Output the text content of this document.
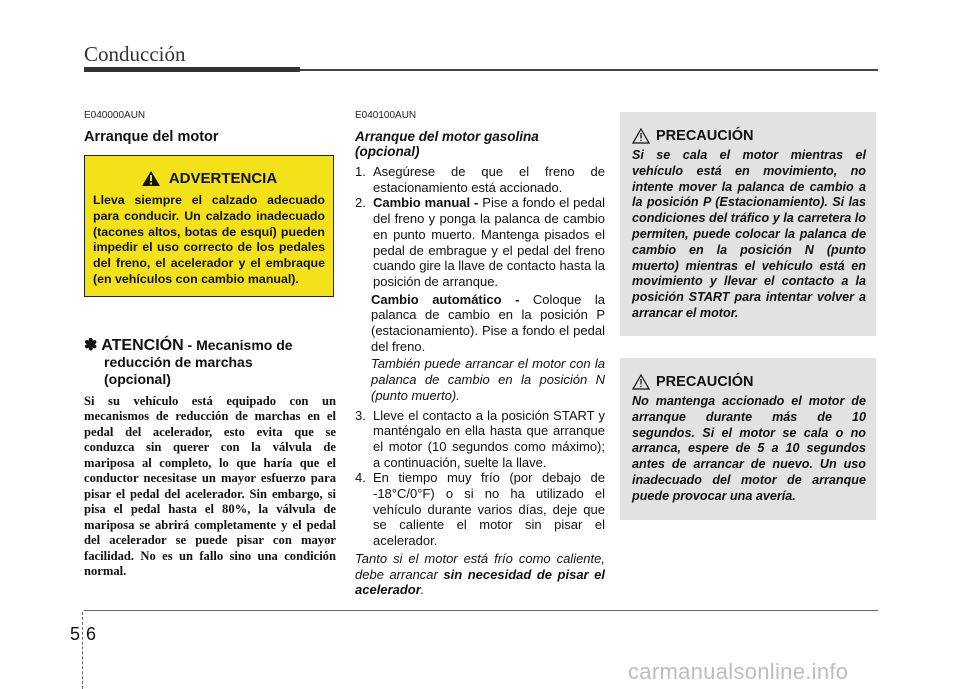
Conducción
E040000AUN
Arranque del motor
ADVERTENCIA
Lleva siempre el calzado adecuado para conducir. Un calzado inadecuado (tacones altos, botas de esquí) pueden impedir el uso correcto de los pedales del freno, el acelerador y el embraque (en vehículos con cambio manual).
✽ ATENCIÓN - Mecanismo de
reducción de marchas
(opcional)
Si su vehículo está equipado con un mecanismos de reducción de marchas en el pedal del acelerador, esto evita que se conduzca sin querer con la válvula de mariposa al completo, lo que haría que el conductor necesitase un mayor esfuerzo para pisar el pedal del acelerador. Sin embargo, si pisa el pedal hasta el 80%, la válvula de mariposa se abrirá completamente y el pedal del acelerador se puede pisar con mayor facilidad. No es un fallo sino una condición normal.
E040100AUN
Arranque del motor gasolina
(opcional)
1. Asegúrese de que el freno de estacionamiento está accionado.
2. Cambio manual - Pise a fondo el pedal del freno y ponga la palanca de cambio en punto muerto. Mantenga pisados el pedal de embrague y el pedal del freno cuando gire la llave de contacto hasta la posición de arranque.
Cambio automático - Coloque la palanca de cambio en la posición P (estacionamiento). Pise a fondo el pedal del freno.
También puede arrancar el motor con la palanca de cambio en la posición N (punto muerto).
3. Lleve el contacto a la posición START y manténgalo en ella hasta que arranque el motor (10 segundos como máximo); a continuación, suelte la llave.
4. En tiempo muy frío (por debajo de -18°C/0°F) o si no ha utilizado el vehículo durante varios días, deje que se caliente el motor sin pisar el acelerador.
Tanto si el motor está frío como caliente, debe arrancar sin necesidad de pisar el acelerador.
PRECAUCIÓN
Si se cala el motor mientras el vehículo está en movimiento, no intente mover la palanca de cambio a la posición P (Estacionamiento). Si las condiciones del tráfico y la carretera lo permiten, puede colocar la palanca de cambio en la posición N (punto muerto) mientras el vehículo está en movimiento y llevar el contacto a la posición START para intentar volver a arrancar el motor.
PRECAUCIÓN
No mantenga accionado el motor de arranque durante más de 10 segundos. Si el motor se cala o no arranca, espere de 5 a 10 segundos antes de arrancar de nuevo. Un uso inadecuado del motor de arranque puede provocar una avería.
5 6
carmanualsonline.info
